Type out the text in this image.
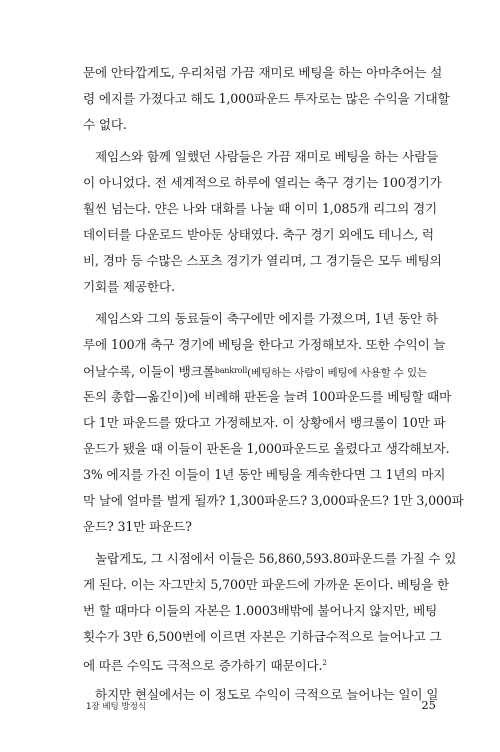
문에 안타깝게도, 우리처럼 가끔 재미로 베팅을 하는 아마추어는 설
령 에지를 가졌다고 해도 1,000파운드 투자로는 많은 수익을 기대할
수 없다.
제임스와 함께 일했던 사람들은 가끔 재미로 베팅을 하는 사람들
이 아니었다. 전 세계적으로 하루에 열리는 축구 경기는 100경기가
훨씬 넘는다. 얀은 나와 대화를 나눌 때 이미 1,085개 리그의 경기
데이터를 다운로드 받아둔 상태였다. 축구 경기 외에도 테니스, 럭
비, 경마 등 수많은 스포츠 경기가 열리며, 그 경기들은 모두 베팅의
기회를 제공한다.
제임스와 그의 동료들이 축구에만 에지를 가졌으며, 1년 동안 하
루에 100개 축구 경기에 베팅을 한다고 가정해보자. 또한 수익이 늘
어날수록, 이들이 뱅크롤$^{bankroll}$(베팅하는 사람이 베팅에 사용할 수 있는
돈의 총합—옮긴이)에 비례해 판돈을 늘려 100파운드를 베팅할 때마
다 1만 파운드를 땄다고 가정해보자. 이 상황에서 뱅크롤이 10만 파
운드가 됐을 때 이들이 판돈을 1,000파운드로 올렸다고 생각해보자.
3% 에지를 가진 이들이 1년 동안 베팅을 계속한다면 그 1년의 마지
막 날에 얼마를 벌게 될까? 1,300파운드? 3,000파운드? 1만 3,000파
운드? 31만 파운드?
놀랍게도, 그 시점에서 이들은 56,860,593.80파운드를 가질 수 있
게 된다. 이는 자그만치 5,700만 파운드에 가까운 돈이다. 베팅을 한
번 할 때마다 이들의 자본은 1.0003배밖에 불어나지 않지만, 베팅
횟수가 3만 6,500번에 이르면 자본은 기하급수적으로 늘어나고 그
에 따른 수익도 극적으로 증가하기 때문이다.$^2$
하지만 현실에서는 이 정도로 수익이 극적으로 늘어나는 일이 일
1장 베팅 방정식	25
